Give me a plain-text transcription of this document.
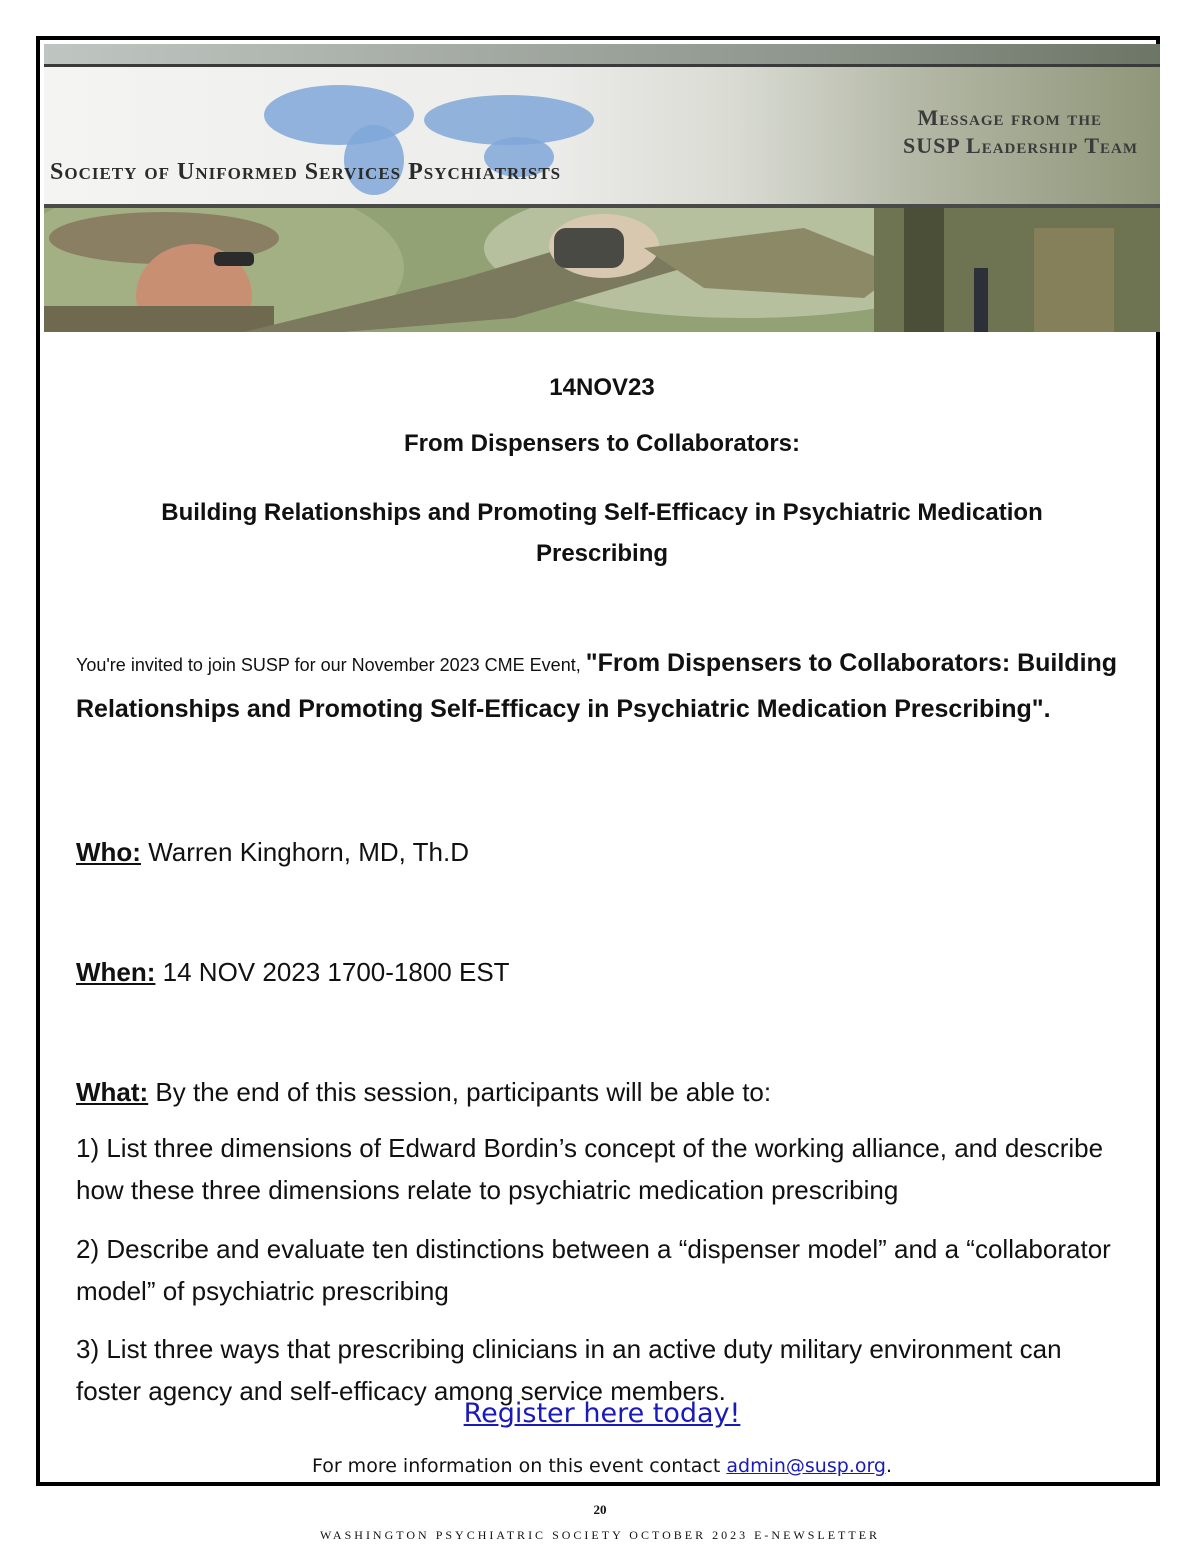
Society of Uniformed Services Psychiatrists
Message from the
SUSP Leadership Team
14NOV23
From Dispensers to Collaborators:
Building Relationships and Promoting Self-Efficacy in Psychiatric Medication Prescribing
You're invited to join SUSP for our November 2023 CME Event, "From Dispensers to Collaborators: Building Relationships and Promoting Self-Efficacy in Psychiatric Medication Prescribing".
Who: Warren Kinghorn, MD, Th.D
When: 14 NOV 2023 1700-1800 EST
What: By the end of this session, participants will be able to:
1) List three dimensions of Edward Bordin’s concept of the working alliance, and describe how these three dimensions relate to psychiatric medication prescribing
2) Describe and evaluate ten distinctions between a “dispenser model” and a “collaborator model” of psychiatric prescribing
3) List three ways that prescribing clinicians in an active duty military environment can foster agency and self-efficacy among service members.
Register here today!
For more information on this event contact admin@susp.org.
20
WASHINGTON PSYCHIATRIC SOCIETY OCTOBER 2023 E-NEWSLETTER
